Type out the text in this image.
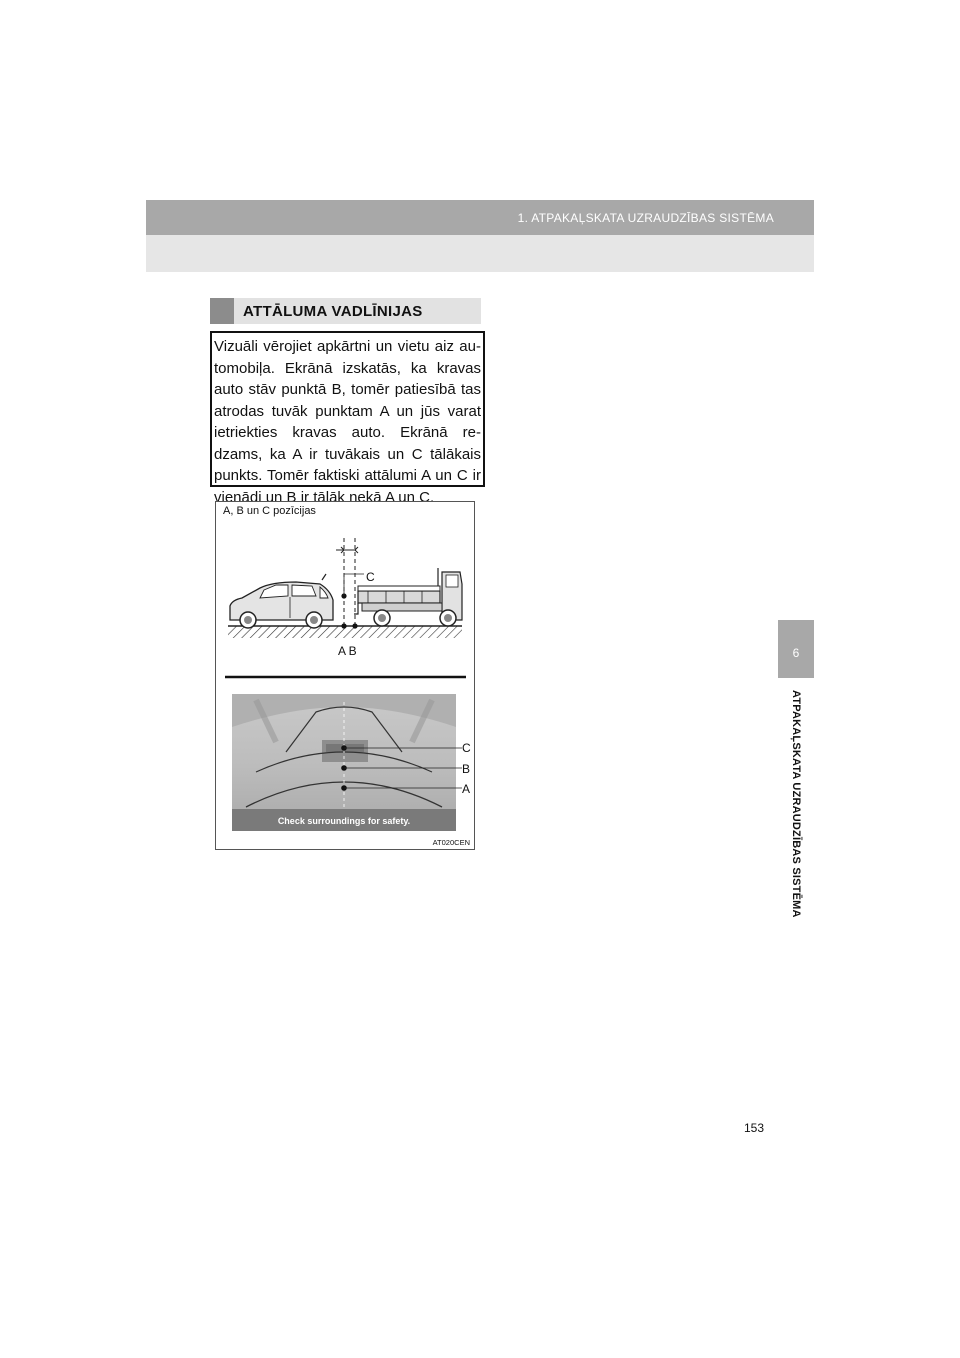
1. ATPAKAĻSKATA UZRAUDZĪBAS SISTĒMA
6
ATPAKAĻSKATA UZRAUDZĪBAS SISTĒMA
ATTĀLUMA VADLĪNIJAS

Vizuāli vērojiet apkārtni un vietu aiz au-tomobiļa. Ekrānā izskatās, ka kravas auto stāv punktā B, tomēr patiesībā tas atrodas tuvāk punktam A un jūs varat ietriekties kravas auto. Ekrānā re-dzams, ka A ir tuvākais un C tālākais punkts. Tomēr faktiski attālumi A un C ir vienādi un B ir tālāk nekā A un C.

A, B un C pozīcijas
C
A B
Check surroundings for safety.
C
B
A
AT020CEN
153
